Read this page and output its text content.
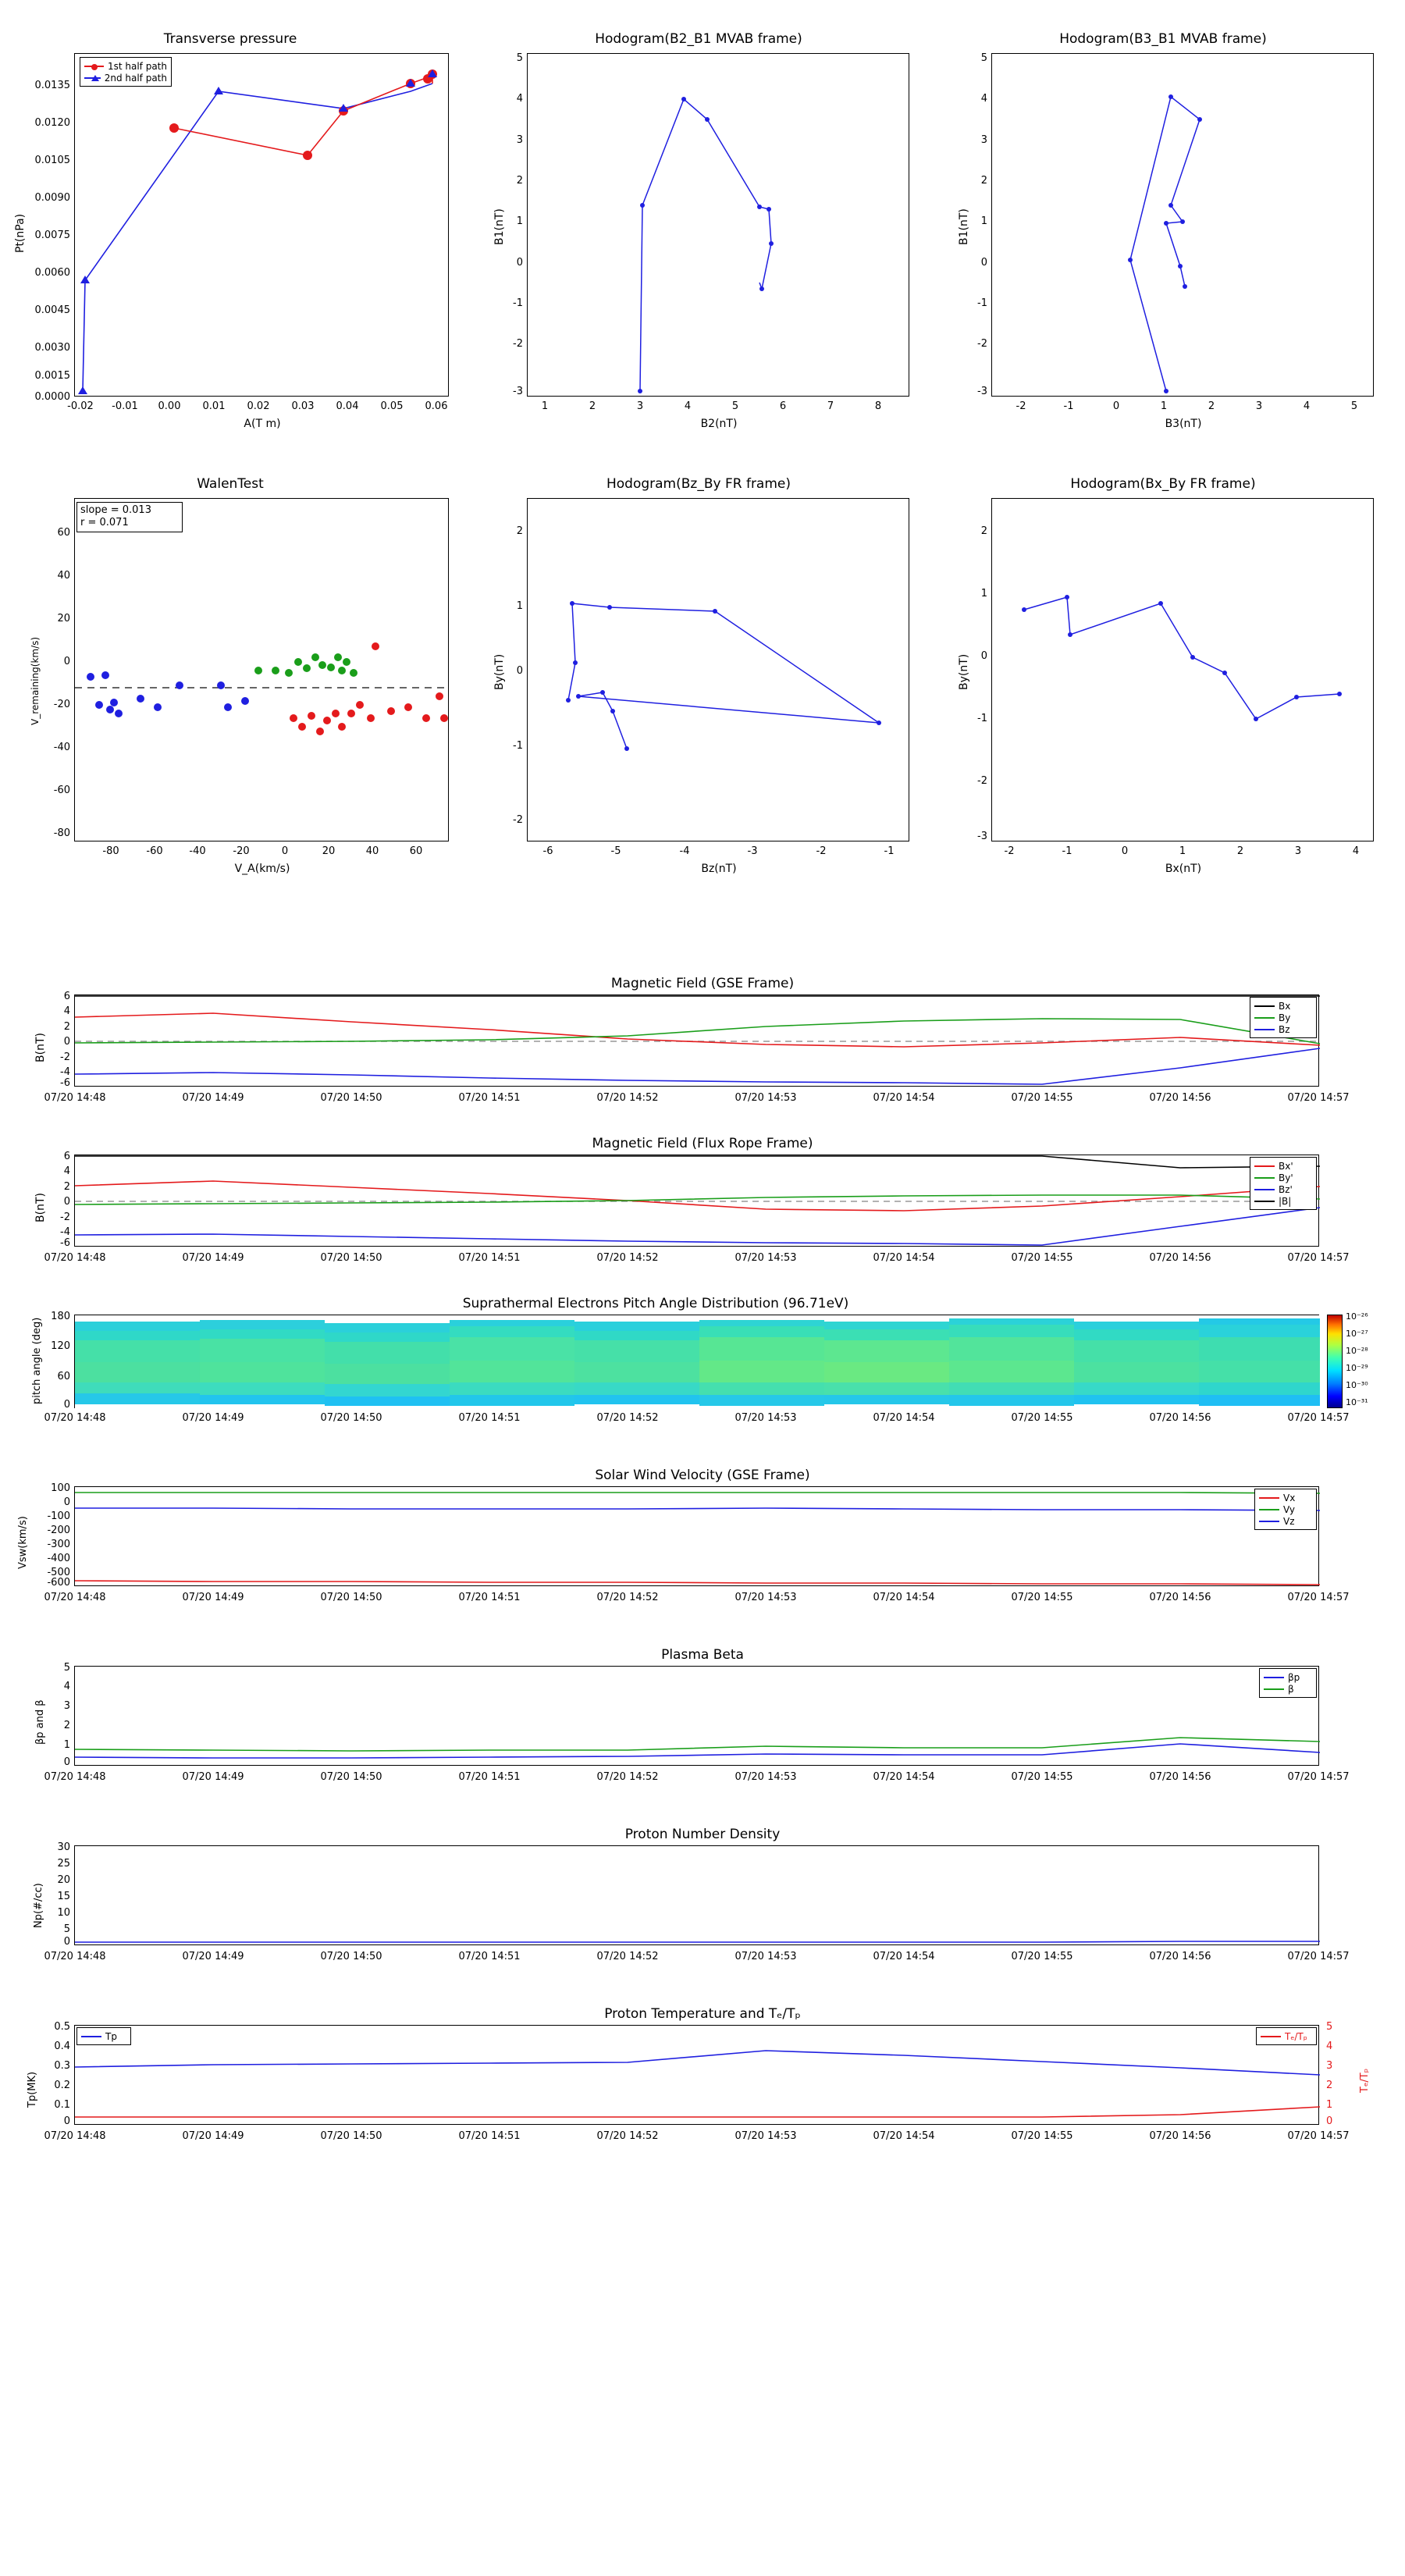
Transverse pressure
1st half path
2nd half path
0.0135
0.0120
0.0105
0.0090
0.0075
0.0060
0.0045
0.0030
0.0015
0.0000
-0.02	-0.01	0.00	0.01	0.02	0.03	0.04	0.05	0.06
A(T m)
Pt(nPa)
Hodogram(B2_B1 MVAB frame)
5
4
3
2
1
0
-1
-2
-3
1	2	3	4	5	6	7	8
B2(nT)
B1(nT)
Hodogram(B3_B1 MVAB frame)
5
4
3
2
1
0
-1
-2
-3
-2	-1	0	1	2	3	4	5
B3(nT)
B1(nT)
WalenTest
slope = 0.013
r = 0.071
60
40
20
0
-20
-40
-60
-80
-80	-60	-40	-20	0	20	40	60
V_A(km/s)
V_remaining(km/s)
Hodogram(Bz_By FR frame)
2
1
0
-1
-2
-6	-5	-4	-3	-2	-1
Bz(nT)
By(nT)
Hodogram(Bx_By FR frame)
2
1
0
-1
-2
-3
-2	-1	0	1	2	3	4
Bx(nT)
By(nT)
Magnetic Field (GSE Frame)
Bx
By
Bz
6
4
2
0
-2
-4
-6
B(nT)
07/20 14:48	07/20 14:49	07/20 14:50	07/20 14:51	07/20 14:52	07/20 14:53	07/20 14:54	07/20 14:55	07/20 14:56	07/20 14:57
Magnetic Field (Flux Rope Frame)
Bx'
By'
Bz'
|B|
6
4
2
0
-2
-4
-6
B(nT)
07/20 14:48	07/20 14:49	07/20 14:50	07/20 14:51	07/20 14:52	07/20 14:53	07/20 14:54	07/20 14:55	07/20 14:56	07/20 14:57
Suprathermal Electrons Pitch Angle Distribution (96.71eV)
180
120
60
0
pitch angle (deg)
07/20 14:48	07/20 14:49	07/20 14:50	07/20 14:51	07/20 14:52	07/20 14:53	07/20 14:54	07/20 14:55	07/20 14:56	07/20 14:57
10⁻²⁶
10⁻²⁷
10⁻²⁸
10⁻²⁹
10⁻³⁰
10⁻³¹
Solar Wind Velocity (GSE Frame)
Vx
Vy
Vz
100
0
-100
-200
-300
-400
-500
-600
Vsw(km/s)
07/20 14:48	07/20 14:49	07/20 14:50	07/20 14:51	07/20 14:52	07/20 14:53	07/20 14:54	07/20 14:55	07/20 14:56	07/20 14:57
Plasma Beta
βp
β
5
4
3
2
1
0
βp and β
07/20 14:48	07/20 14:49	07/20 14:50	07/20 14:51	07/20 14:52	07/20 14:53	07/20 14:54	07/20 14:55	07/20 14:56	07/20 14:57
Proton Number Density
30
25
20
15
10
5
0
Np(#/cc)
07/20 14:48	07/20 14:49	07/20 14:50	07/20 14:51	07/20 14:52	07/20 14:53	07/20 14:54	07/20 14:55	07/20 14:56	07/20 14:57
Proton Temperature and Tₑ/Tₚ
Tp	Tₑ/Tₚ
0.5
0.4
0.3
0.2
0.1
0
Tp(MK)
5
4
3
2
1
0
Tₑ/Tₚ
07/20 14:48	07/20 14:49	07/20 14:50	07/20 14:51	07/20 14:52	07/20 14:53	07/20 14:54	07/20 14:55	07/20 14:56	07/20 14:57
